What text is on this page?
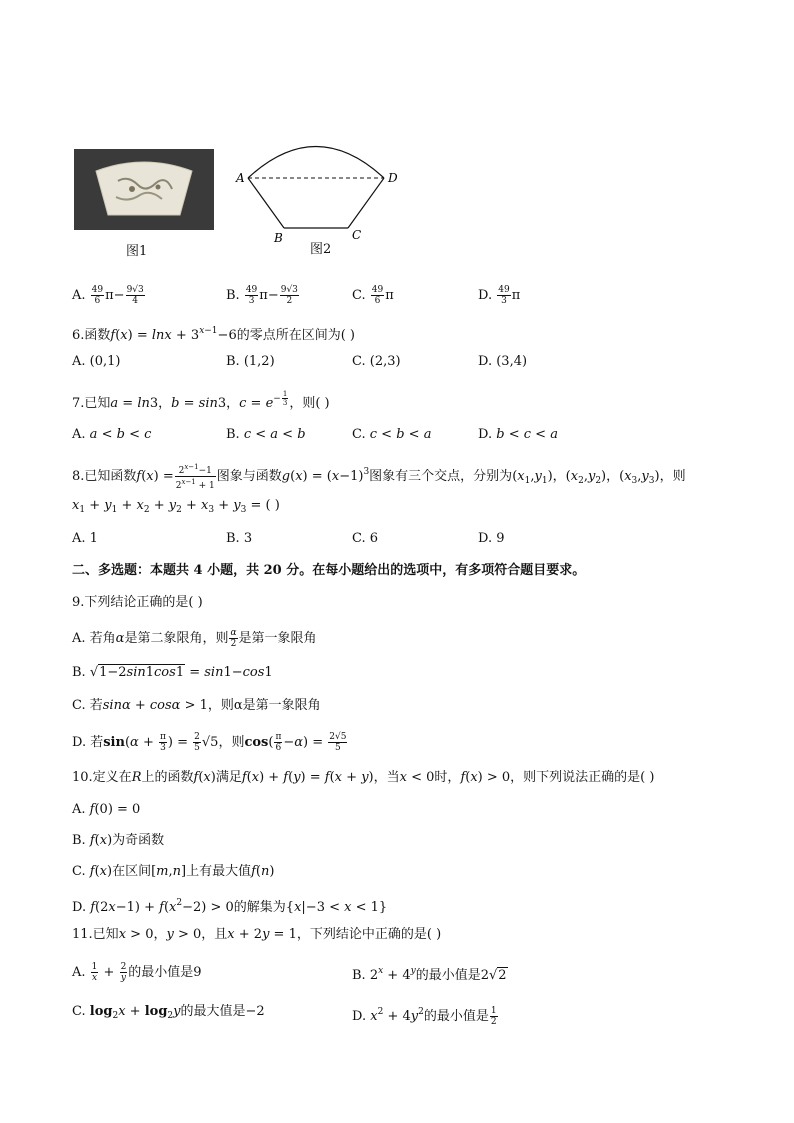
图1
A	D
B	C
图2
A. $\frac{49}{6} \pi- \frac{9√3}{4}$	B. $\frac{49}{3} \pi- \frac{9√3}{2}$	C. $\frac{49}{6}$ π	D. $\frac{49}{3}$ π
6.函数$f(x) = \ln x + 3^{x-1}-6$的零点所在区间为( )
A. (0,1)	B. (1,2)	C. (2,3)	D. (3,4)
7.已知a = ln3，b = sin3，$c = e^{- \frac{1}{3}}$ ，则( )
A. a < b < c	B. c < a < b	C. c < b < a	D. b < c < a
8.已知函数$f(x) = \frac{2^{x-1}-1}{2^{x-1} + 1}$ 图象与函数$g(x) = (x-1)^3$图象有三个交点，分别为$(x_1,y_1)$，$(x_2,y_2)$，$(x_3,y_3)$，则
$x_1 + y_1 + x_2 + y_2 + x_3 + y_3$ = ( )
A. 1	B. 3	C. 6	D. 9
二、多选题：本题共 4 小题，共 20 分。在每小题给出的选项中，有多项符合题目要求。
9.下列结论正确的是( )
A. 若角α是第二象限角，则 $\frac{\alpha}{2}$ 是第一象限角
B. √1−2sin1cos1 = sin1−cos1
C. 若sinα + cosα > 1，则α是第一象限角
D. 若$\sin(\alpha + \frac{\pi}{3}$ ) = $\frac{2}{5} √5$，则$\cos( \frac{\pi}{6} -\alpha) = \frac{2√5}{5}$
10.定义在R上的函数f(x)满足f(x) + f(y) = f(x + y)，当x < 0时，f(x) > 0，则下列说法正确的是( )
A. f(0) = 0
B. f(x)为奇函数
C. f(x)在区间[m,n]上有最大值f(n)
D. $f(2x-1) + f(x^2-2) > 0$的解集为{x|−3 < x < 1}
11.已知x > 0，y > 0，且x + 2y = 1，下列结论中正确的是( )
A. $\frac{1}{x} + \frac{2}{y}$ 的最小值是9	B. $2^x + 4^y$的最小值是2√2
C. $\log_2x + \log_2y$的最大值是−2	D. $x^2 + 4y^2$的最小值是 $\frac{1}{2}$
